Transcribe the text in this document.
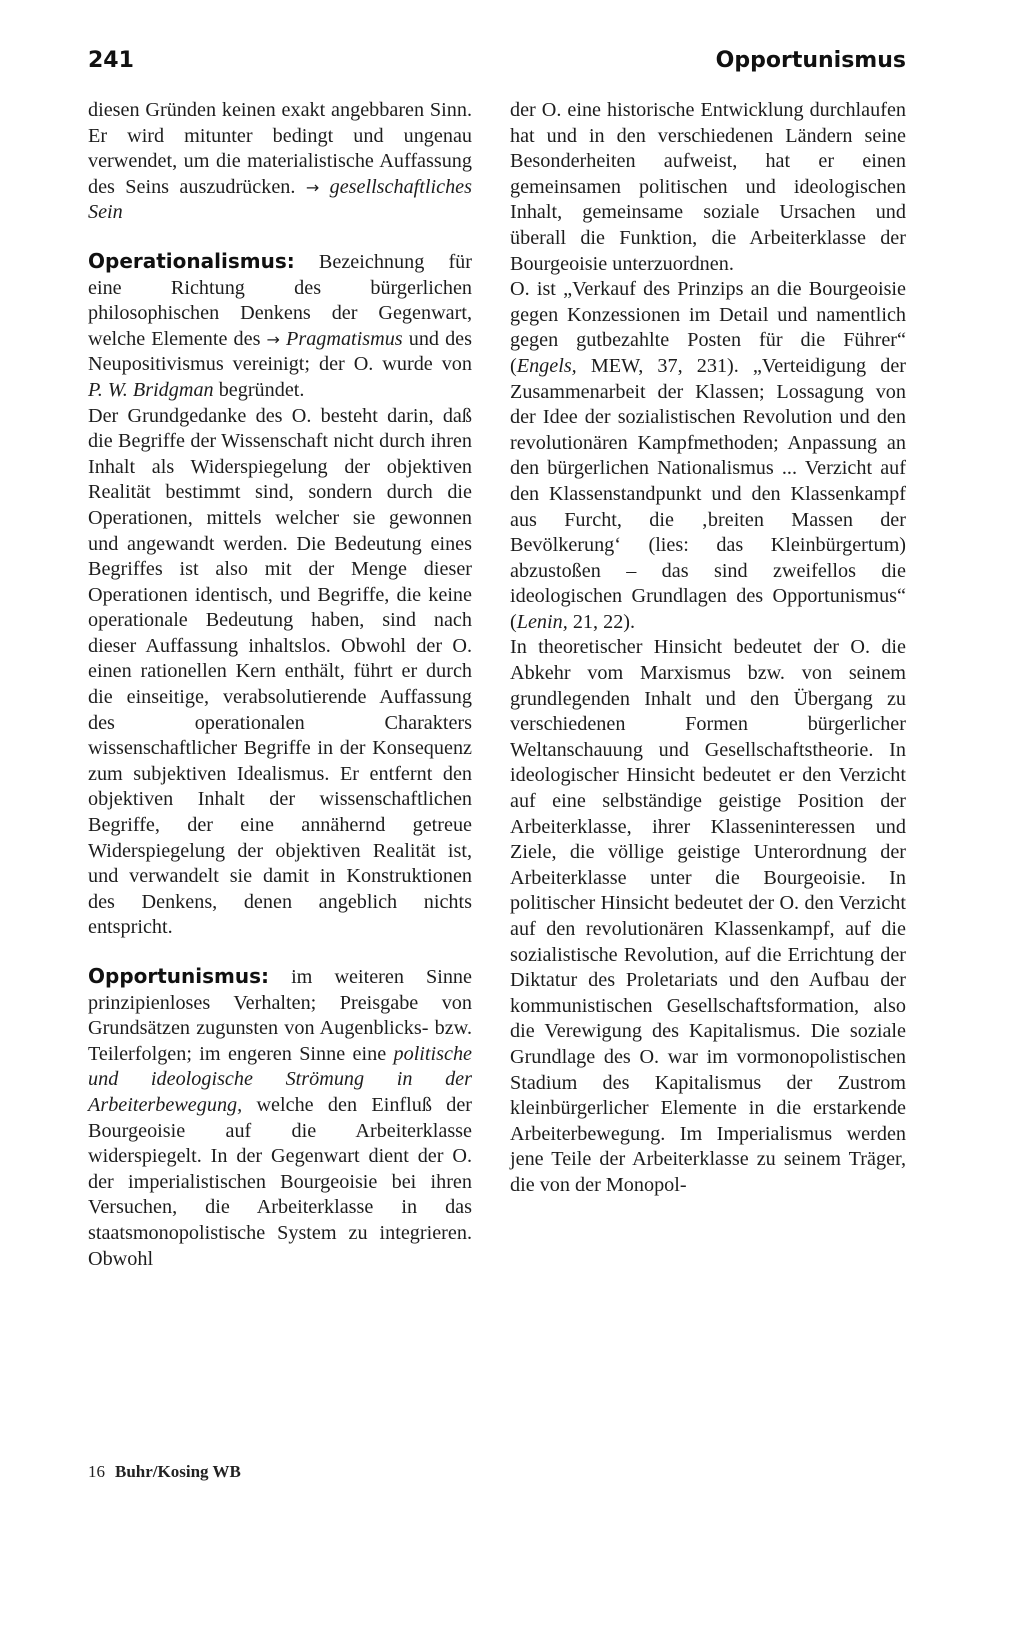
241	Opportunismus

diesen Gründen keinen exakt angebbaren Sinn. Er wird mitunter bedingt und ungenau verwendet, um die materialistische Auffassung des Seins auszudrücken. → gesellschaftliches Sein

Operationalismus: Bezeichnung für eine Richtung des bürgerlichen philosophischen Denkens der Gegenwart, welche Elemente des → Pragmatismus und des Neupositivismus vereinigt; der O. wurde von P. W. Bridgman begründet.

Der Grundgedanke des O. besteht darin, daß die Begriffe der Wissenschaft nicht durch ihren Inhalt als Widerspiegelung der objektiven Realität bestimmt sind, sondern durch die Operationen, mittels welcher sie gewonnen und angewandt werden. Die Bedeutung eines Begriffes ist also mit der Menge dieser Operationen identisch, und Begriffe, die keine operationale Bedeutung haben, sind nach dieser Auffassung inhaltslos. Obwohl der O. einen rationellen Kern enthält, führt er durch die einseitige, verabsolutierende Auffassung des operationalen Charakters wissenschaftlicher Begriffe in der Konsequenz zum subjektiven Idealismus. Er entfernt den objektiven Inhalt der wissenschaftlichen Begriffe, der eine annähernd getreue Widerspiegelung der objektiven Realität ist, und verwandelt sie damit in Konstruktionen des Denkens, denen angeblich nichts entspricht.

Opportunismus: im weiteren Sinne prinzipienloses Verhalten; Preisgabe von Grundsätzen zugunsten von Augenblicks- bzw. Teilerfolgen; im engeren Sinne eine politische und ideologische Strömung in der Arbeiterbewegung, welche den Einfluß der Bourgeoisie auf die Arbeiterklasse widerspiegelt. In der Gegenwart dient der O. der imperialistischen Bourgeoisie bei ihren Versuchen, die Arbeiterklasse in das staatsmonopolistische System zu integrieren. Obwohl

der O. eine historische Entwicklung durchlaufen hat und in den verschiedenen Ländern seine Besonderheiten aufweist, hat er einen gemeinsamen politischen und ideologischen Inhalt, gemeinsame soziale Ursachen und überall die Funktion, die Arbeiterklasse der Bourgeoisie unterzuordnen.

O. ist „Verkauf des Prinzips an die Bourgeoisie gegen Konzessionen im Detail und namentlich gegen gutbezahlte Posten für die Führer“ (Engels, MEW, 37, 231). „Verteidigung der Zusammenarbeit der Klassen; Lossagung von der Idee der sozialistischen Revolution und den revolutionären Kampfmethoden; Anpassung an den bürgerlichen Nationalismus ... Verzicht auf den Klassenstandpunkt und den Klassenkampf aus Furcht, die ‚breiten Massen der Bevölkerung‘ (lies: das Kleinbürgertum) abzustoßen – das sind zweifellos die ideologischen Grundlagen des Opportunismus“ (Lenin, 21, 22).

In theoretischer Hinsicht bedeutet der O. die Abkehr vom Marxismus bzw. von seinem grundlegenden Inhalt und den Übergang zu verschiedenen Formen bürgerlicher Weltanschauung und Gesellschaftstheorie. In ideologischer Hinsicht bedeutet er den Verzicht auf eine selbständige geistige Position der Arbeiterklasse, ihrer Klasseninteressen und Ziele, die völlige geistige Unterordnung der Arbeiterklasse unter die Bourgeoisie. In politischer Hinsicht bedeutet der O. den Verzicht auf den revolutionären Klassenkampf, auf die sozialistische Revolution, auf die Errichtung der Diktatur des Proletariats und den Aufbau der kommunistischen Gesellschaftsformation, also die Verewigung des Kapitalismus. Die soziale Grundlage des O. war im vormonopolistischen Stadium des Kapitalismus der Zustrom kleinbürgerlicher Elemente in die erstarkende Arbeiterbewegung. Im Imperialismus werden jene Teile der Arbeiterklasse zu seinem Träger, die von der Monopol-

16 Buhr/Kosing WB
